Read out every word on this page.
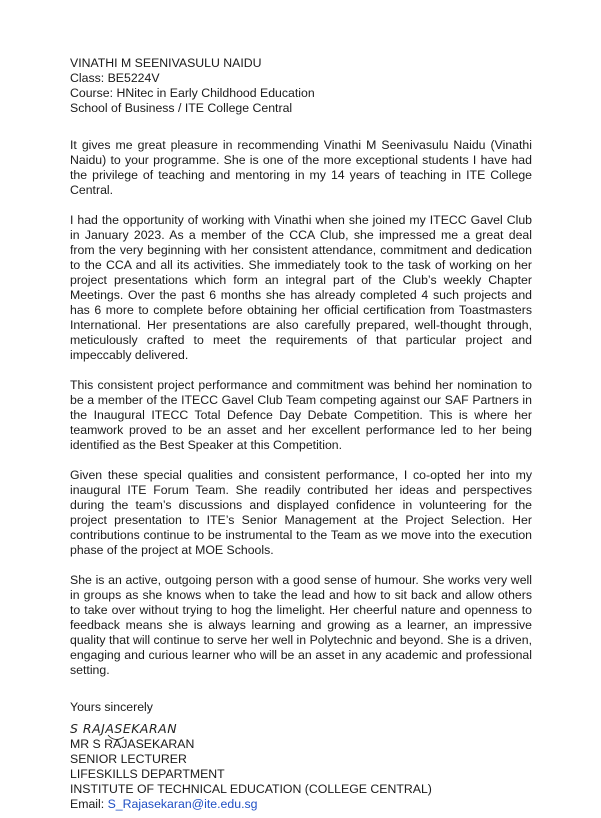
VINATHI M SEENIVASULU NAIDU
Class: BE5224V
Course: HNitec in Early Childhood Education
School of Business / ITE College Central

It gives me great pleasure in recommending Vinathi M Seenivasulu Naidu (Vinathi Naidu) to your programme. She is one of the more exceptional students I have had the privilege of teaching and mentoring in my 14 years of teaching in ITE College Central.

I had the opportunity of working with Vinathi when she joined my ITECC Gavel Club in January 2023. As a member of the CCA Club, she impressed me a great deal from the very beginning with her consistent attendance, commitment and dedication to the CCA and all its activities. She immediately took to the task of working on her project presentations which form an integral part of the Club’s weekly Chapter Meetings. Over the past 6 months she has already completed 4 such projects and has 6 more to complete before obtaining her official certification from Toastmasters International. Her presentations are also carefully prepared, well-thought through, meticulously crafted to meet the requirements of that particular project and impeccably delivered.

This consistent project performance and commitment was behind her nomination to be a member of the ITECC Gavel Club Team competing against our SAF Partners in the Inaugural ITECC Total Defence Day Debate Competition. This is where her teamwork proved to be an asset and her excellent performance led to her being identified as the Best Speaker at this Competition.

Given these special qualities and consistent performance, I co-opted her into my inaugural ITE Forum Team. She readily contributed her ideas and perspectives during the team’s discussions and displayed confidence in volunteering for the project presentation to ITE’s Senior Management at the Project Selection. Her contributions continue to be instrumental to the Team as we move into the execution phase of the project at MOE Schools.

She is an active, outgoing person with a good sense of humour. She works very well in groups as she knows when to take the lead and how to sit back and allow others to take over without trying to hog the limelight. Her cheerful nature and openness to feedback means she is always learning and growing as a learner, an impressive quality that will continue to serve her well in Polytechnic and beyond. She is a driven, engaging and curious learner who will be an asset in any academic and professional setting.

Yours sincerely
S RAJASEKARAN
MR S RAJASEKARAN
SENIOR LECTURER
LIFESKILLS DEPARTMENT
INSTITUTE OF TECHNICAL EDUCATION (COLLEGE CENTRAL)
Email: S_Rajasekaran@ite.edu.sg
